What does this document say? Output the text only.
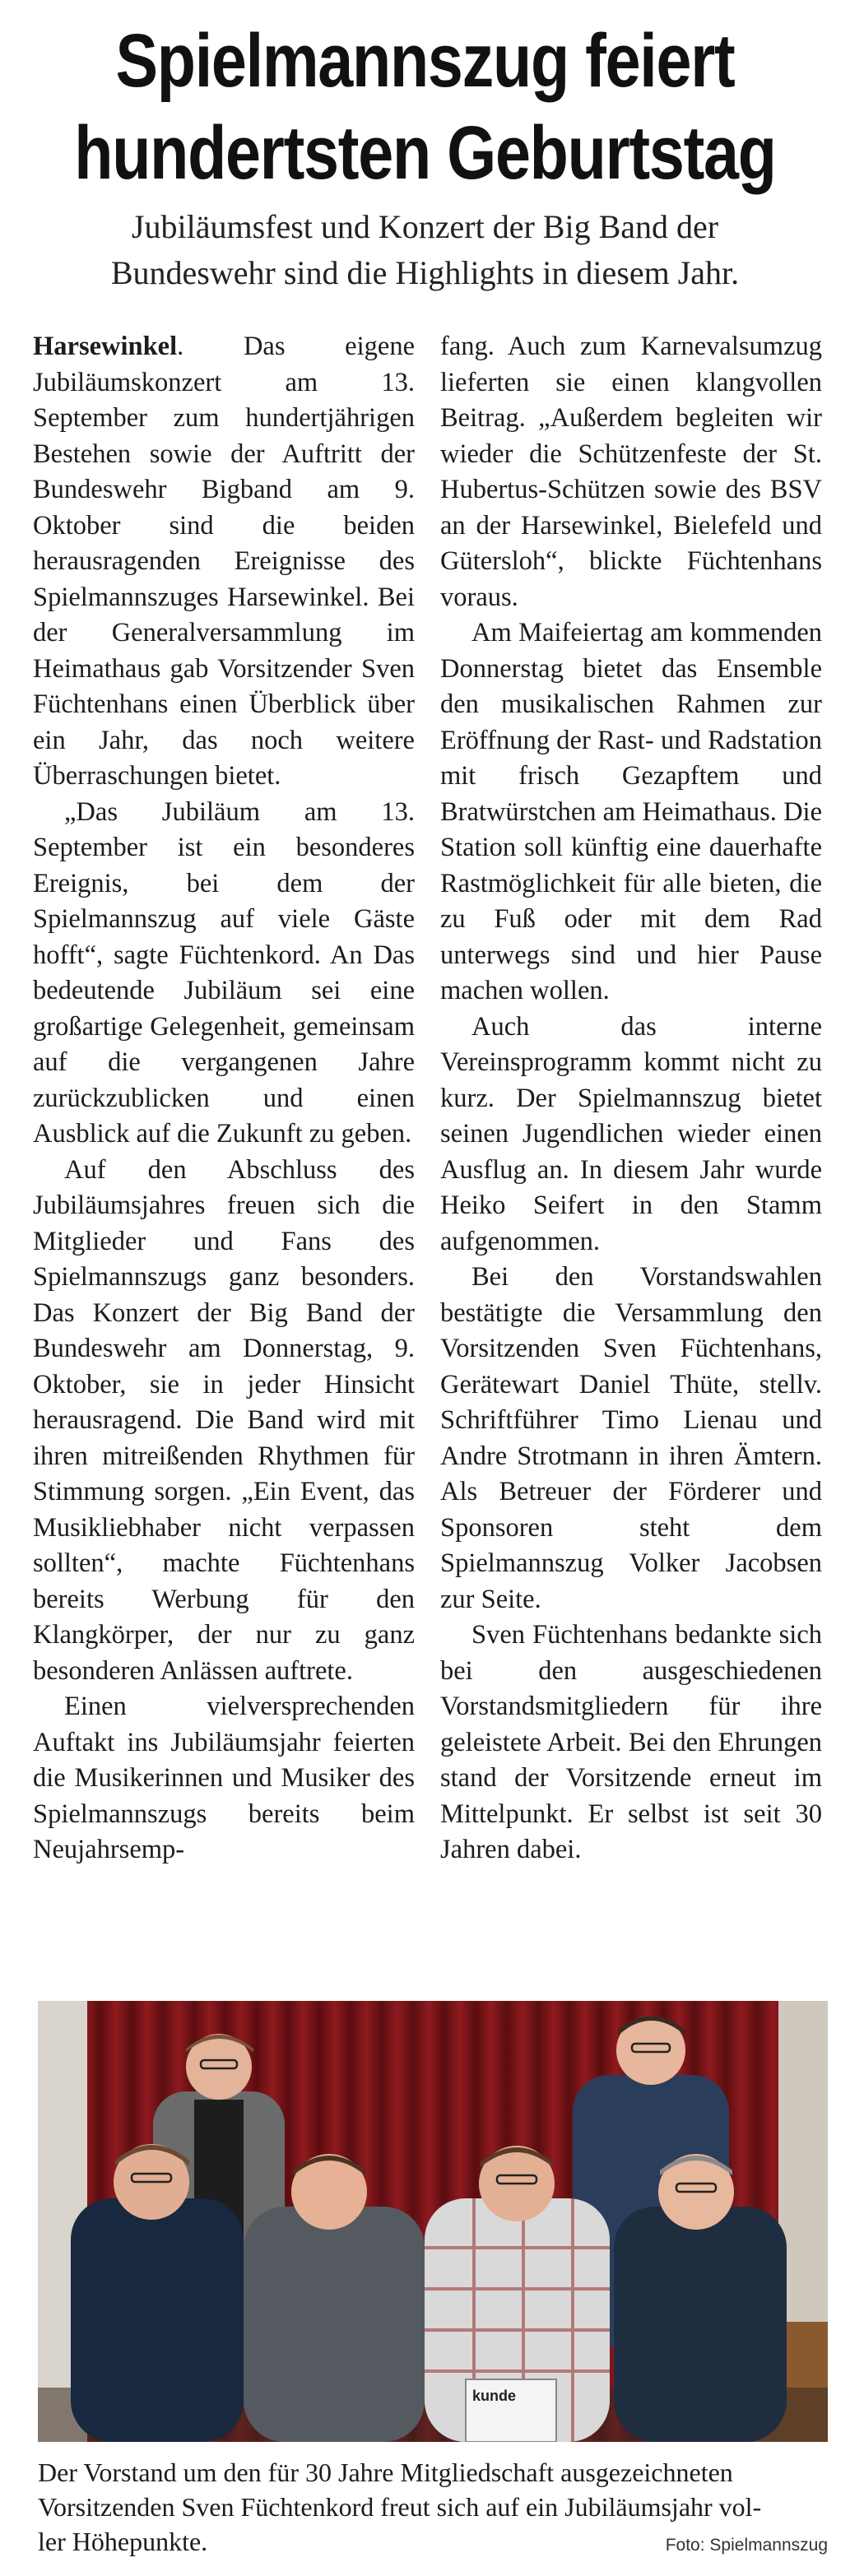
Spielmannszug feiert
hundertsten Geburtstag
Jubiläumsfest und Konzert der Big Band der
Bundeswehr sind die Highlights in diesem Jahr.

Harsewinkel. Das eigene Jubiläumskonzert am 13. September zum hundertjährigen Bestehen sowie der Auftritt der Bundeswehr Bigband am 9. Oktober sind die beiden herausragenden Ereignisse des Spielmannszuges Harsewinkel. Bei der Generalversammlung im Heimathaus gab Vorsitzender Sven Füchtenhans einen Überblick über ein Jahr, das noch weitere Überraschungen bietet.

„Das Jubiläum am 13. September ist ein besonderes Ereignis, bei dem der Spielmannszug auf viele Gäste hofft“, sagte Füchtenkord. An Das bedeutende Jubiläum sei eine großartige Gelegenheit, gemeinsam auf die vergangenen Jahre zurückzublicken und einen Ausblick auf die Zukunft zu geben.

Auf den Abschluss des Jubiläumsjahres freuen sich die Mitglieder und Fans des Spielmannszugs ganz besonders. Das Konzert der Big Band der Bundeswehr am Donnerstag, 9. Oktober, sie in jeder Hinsicht herausragend. Die Band wird mit ihren mitreißenden Rhythmen für Stimmung sorgen. „Ein Event, das Musikliebhaber nicht verpassen sollten“, machte Füchtenhans bereits Werbung für den Klangkörper, der nur zu ganz besonderen Anlässen auftrete.

Einen vielversprechenden Auftakt ins Jubiläumsjahr feierten die Musikerinnen und Musiker des Spielmannszugs bereits beim Neujahrsemp-

fang. Auch zum Karnevalsumzug lieferten sie einen klangvollen Beitrag. „Außerdem begleiten wir wieder die Schützenfeste der St. Hubertus-Schützen sowie des BSV an der Harsewinkel, Bielefeld und Gütersloh“, blickte Füchtenhans voraus.

Am Maifeiertag am kommenden Donnerstag bietet das Ensemble den musikalischen Rahmen zur Eröffnung der Rast- und Radstation mit frisch Gezapftem und Bratwürstchen am Heimathaus. Die Station soll künftig eine dauerhafte Rastmöglichkeit für alle bieten, die zu Fuß oder mit dem Rad unterwegs sind und hier Pause machen wollen.

Auch das interne Vereinsprogramm kommt nicht zu kurz. Der Spielmannszug bietet seinen Jugendlichen wieder einen Ausflug an. In diesem Jahr wurde Heiko Seifert in den Stamm aufgenommen.

Bei den Vorstandswahlen bestätigte die Versammlung den Vorsitzenden Sven Füchtenhans, Gerätewart Daniel Thüte, stellv. Schriftführer Timo Lienau und Andre Strotmann in ihren Ämtern. Als Betreuer der Förderer und Sponsoren steht dem Spielmannszug Volker Jacobsen zur Seite.

Sven Füchtenhans bedankte sich bei den ausgeschiedenen Vorstandsmitgliedern für ihre geleistete Arbeit. Bei den Ehrungen stand der Vorsitzende erneut im Mittelpunkt. Er selbst ist seit 30 Jahren dabei.

kunde
Der Vorstand um den für 30 Jahre Mitgliedschaft ausgezeichneten
Vorsitzenden Sven Füchtenkord freut sich auf ein Jubiläumsjahr vol-
ler Höhepunkte.	Foto: Spielmannszug
